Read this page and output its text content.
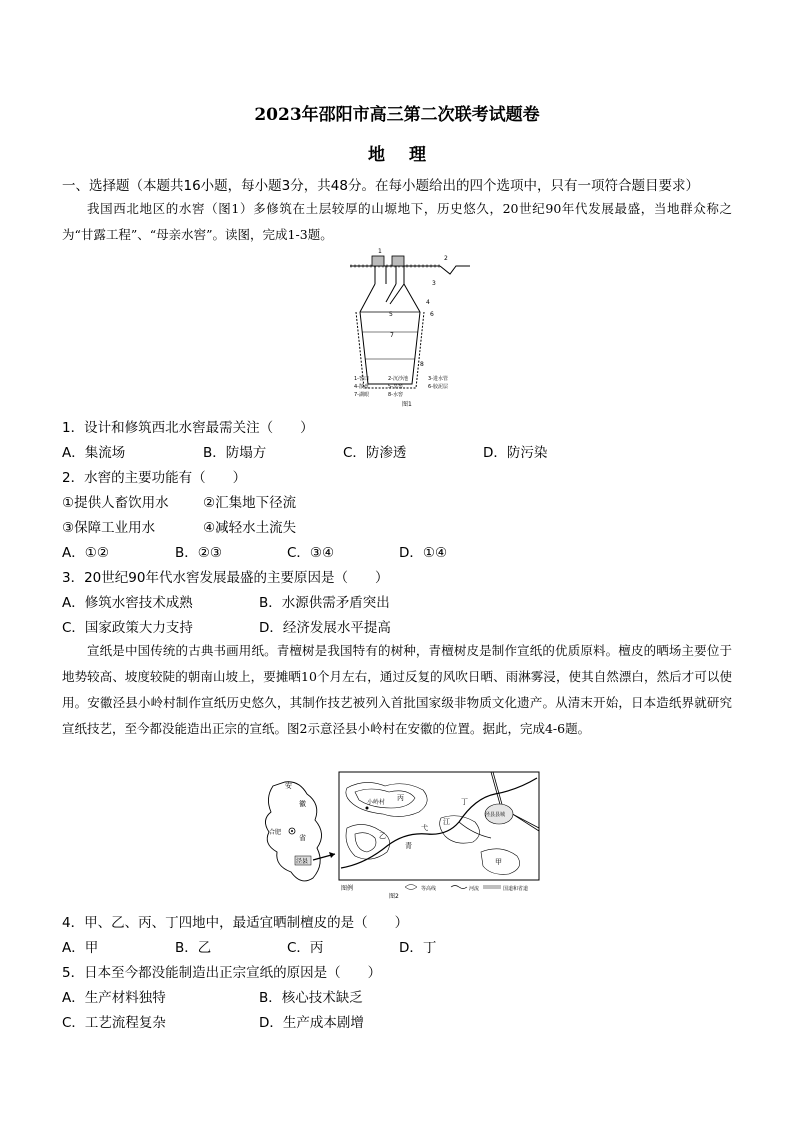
2023年邵阳市高三第二次联考试题卷
地 理
一、选择题（本题共16小题，每小题3分，共48分。在每小题给出的四个选项中，只有一项符合题目要求）
我国西北地区的水窖（图1）多修筑在土层较厚的山塬地下，历史悠久，20世纪90年代发展最盛，当地群众称之为“甘露工程”、“母亲水窖”。读图，完成1-3题。
1
2
3
4
5	6
7
8
1-窖口	2-沉沙池	3-进水管
4-散盘	5-旱窖	6-胶泥层
7-湖眼	8-水窖
图1
1．设计和修筑西北水窖最需关注（　　）
A．集流场	B．防塌方	C．防渗透	D．防污染
2．水窖的主要功能有（　　）
①提供人畜饮用水	②汇集地下径流
③保障工业用水	④减轻水土流失
A．①②	B．②③	C．③④	D．①④
3．20世纪90年代水窖发展最盛的主要原因是（　　）
A．修筑水窖技术成熟	B．水源供需矛盾突出
C．国家政策大力支持	D．经济发展水平提高
宣纸是中国传统的古典书画用纸。青檀树是我国特有的树种，青檀树皮是制作宣纸的优质原料。檀皮的晒场主要位于地势较高、坡度较陡的朝南山坡上，要摊晒10个月左右，通过反复的风吹日晒、雨淋雾浸，使其自然漂白，然后才可以使用。安徽泾县小岭村制作宣纸历史悠久，其制作技艺被列入首批国家级非物质文化遗产。从清末开始，日本造纸界就研究宣纸技艺，至今都没能造出正宗的宣纸。图2示意泾县小岭村在安徽的位置。据此，完成4-6题。
安
徽
省
合肥
泾县
泾县县城
小岭村
甲
乙
丙	丁
青
弋
江
图例	等高线	河流	国道和省道
图2
4．甲、乙、丙、丁四地中，最适宜晒制檀皮的是（　　）
A．甲	B．乙	C．丙	D．丁
5．日本至今都没能制造出正宗宣纸的原因是（　　）
A．生产材料独特	B．核心技术缺乏
C．工艺流程复杂	D．生产成本剧增
